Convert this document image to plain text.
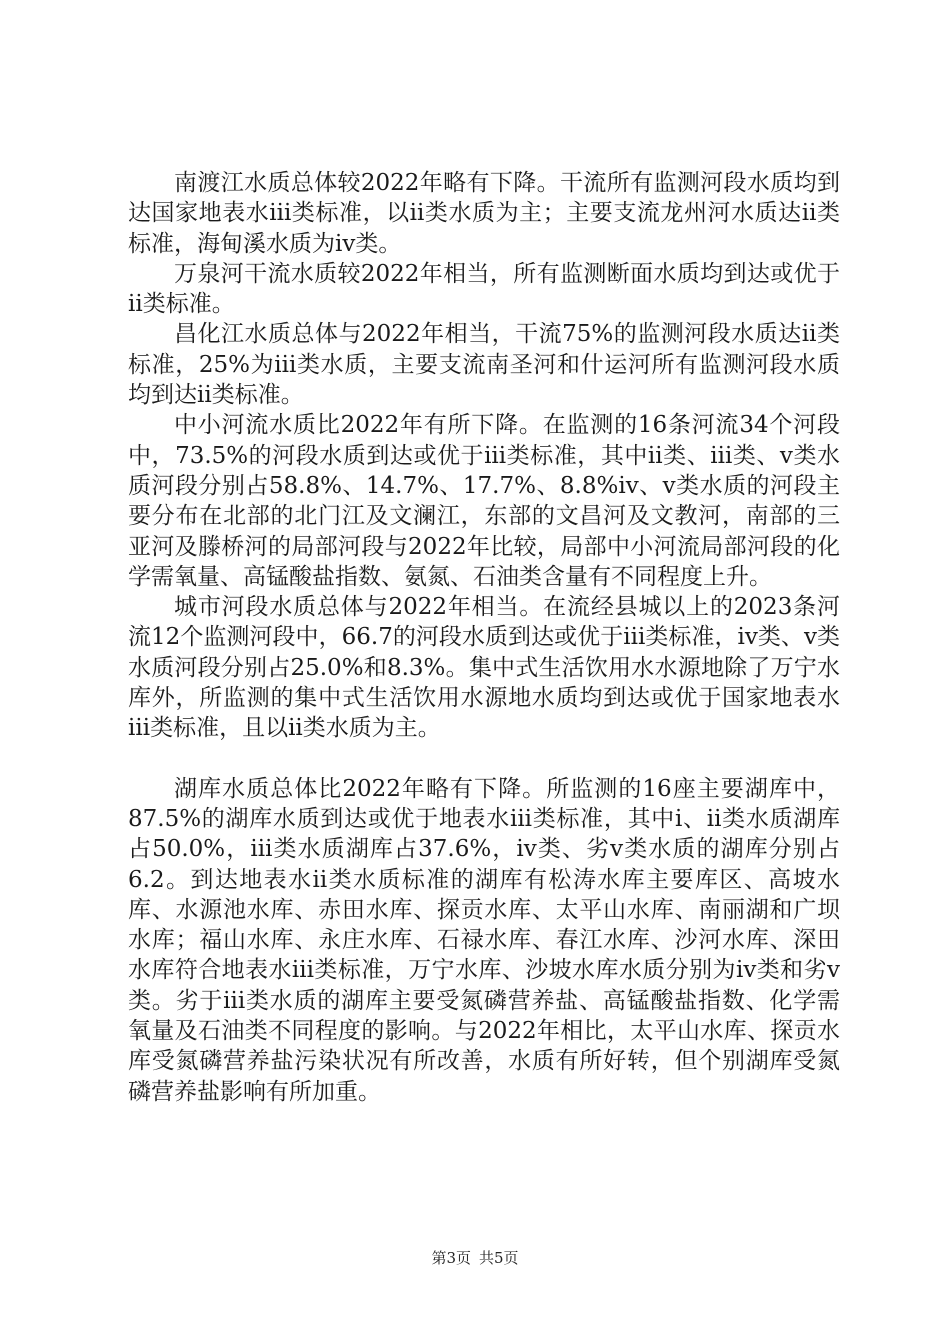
南渡江水质总体较2022年略有下降。干流所有监测河段水质均到达国家地表水iii类标准，以ii类水质为主；主要支流龙州河水质达ii类标准，海甸溪水质为iv类。

万泉河干流水质较2022年相当，所有监测断面水质均到达或优于ii类标准。

昌化江水质总体与2022年相当，干流75%的监测河段水质达ii类标准，25%为iii类水质，主要支流南圣河和什运河所有监测河段水质均到达ii类标准。

中小河流水质比2022年有所下降。在监测的16条河流34个河段中，73.5%的河段水质到达或优于iii类标准，其中ii类、iii类、v类水质河段分别占58.8%、14.7%、17.7%、8.8%iv、v类水质的河段主要分布在北部的北门江及文澜江，东部的文昌河及文教河，南部的三亚河及滕桥河的局部河段与2022年比较，局部中小河流局部河段的化学需氧量、高锰酸盐指数、氨氮、石油类含量有不同程度上升。

城市河段水质总体与2022年相当。在流经县城以上的2023条河流12个监测河段中，66.7的河段水质到达或优于iii类标准，iv类、v类水质河段分别占25.0%和8.3%。集中式生活饮用水水源地除了万宁水库外，所监测的集中式生活饮用水源地水质均到达或优于国家地表水iii类标准，且以ii类水质为主。

湖库水质总体比2022年略有下降。所监测的16座主要湖库中，87.5%的湖库水质到达或优于地表水iii类标准，其中i、ii类水质湖库占50.0%，iii类水质湖库占37.6%，iv类、劣v类水质的湖库分别占6.2。到达地表水ii类水质标准的湖库有松涛水库主要库区、高坡水库、水源池水库、赤田水库、探贡水库、太平山水库、南丽湖和广坝水库；福山水库、永庄水库、石禄水库、春江水库、沙河水库、深田水库符合地表水iii类标准，万宁水库、沙坡水库水质分别为iv类和劣v类。劣于iii类水质的湖库主要受氮磷营养盐、高锰酸盐指数、化学需氧量及石油类不同程度的影响。与2022年相比，太平山水库、探贡水库受氮磷营养盐污染状况有所改善，水质有所好转，但个别湖库受氮磷营养盐影响有所加重。

第3页 共5页
